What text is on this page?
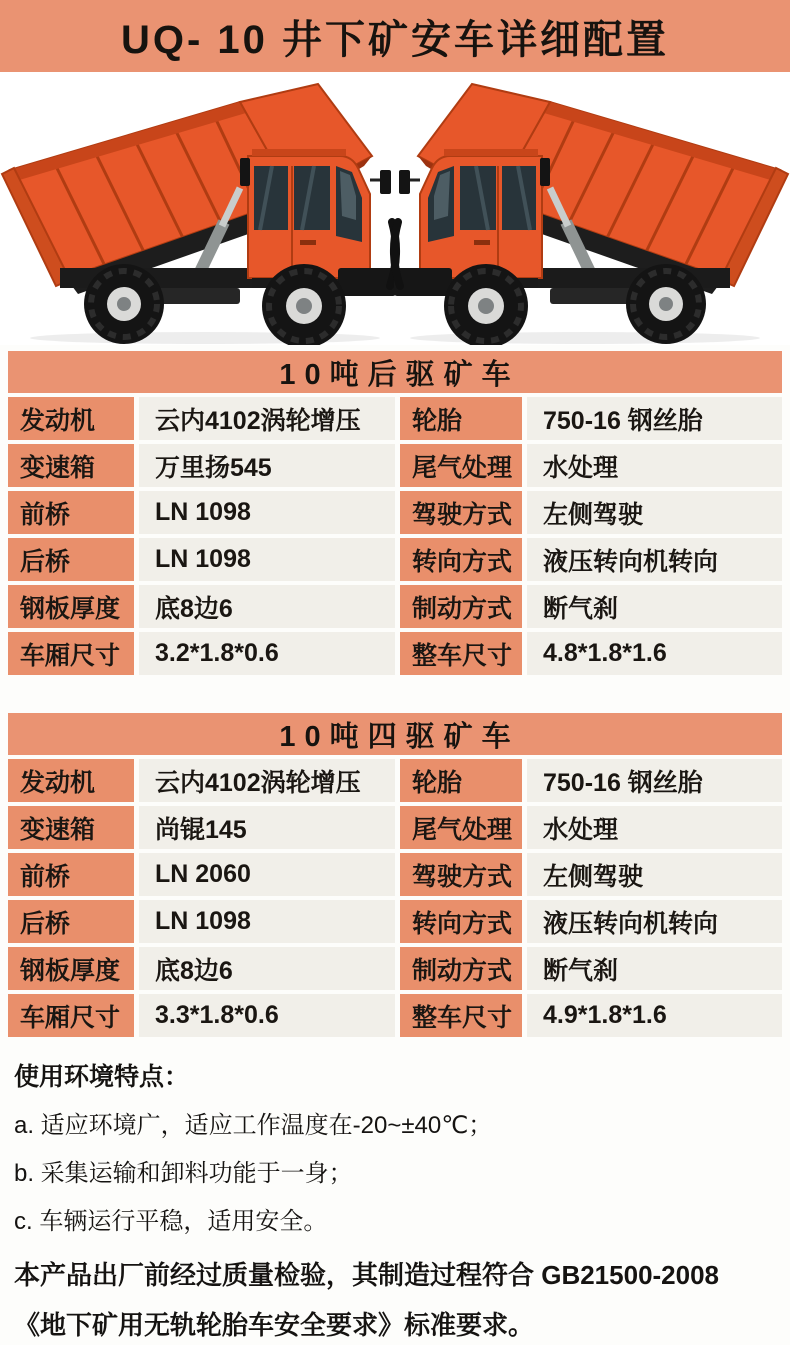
UQ- 10 井下矿安车详细配置
10吨后驱矿车
发动机	云内4102涡轮增压	轮胎	750-16 钢丝胎
变速箱	万里扬545	尾气处理	水处理
前桥	LN 1098	驾驶方式	左侧驾驶
后桥	LN 1098	转向方式	液压转向机转向
钢板厚度	底8边6	制动方式	断气刹
车厢尺寸	3.2*1.8*0.6	整车尺寸	4.8*1.8*1.6
10吨四驱矿车
发动机	云内4102涡轮增压	轮胎	750-16 钢丝胎
变速箱	尚锟145	尾气处理	水处理
前桥	LN 2060	驾驶方式	左侧驾驶
后桥	LN 1098	转向方式	液压转向机转向
钢板厚度	底8边6	制动方式	断气刹
车厢尺寸	3.3*1.8*0.6	整车尺寸	4.9*1.8*1.6

使用环境特点：

a. 适应环境广，适应工作温度在-20~±40℃；

b. 采集运输和卸料功能于一身；

c. 车辆运行平稳，适用安全。

本产品出厂前经过质量检验，其制造过程符合 GB21500-2008

《地下矿用无轨轮胎车安全要求》标准要求。
